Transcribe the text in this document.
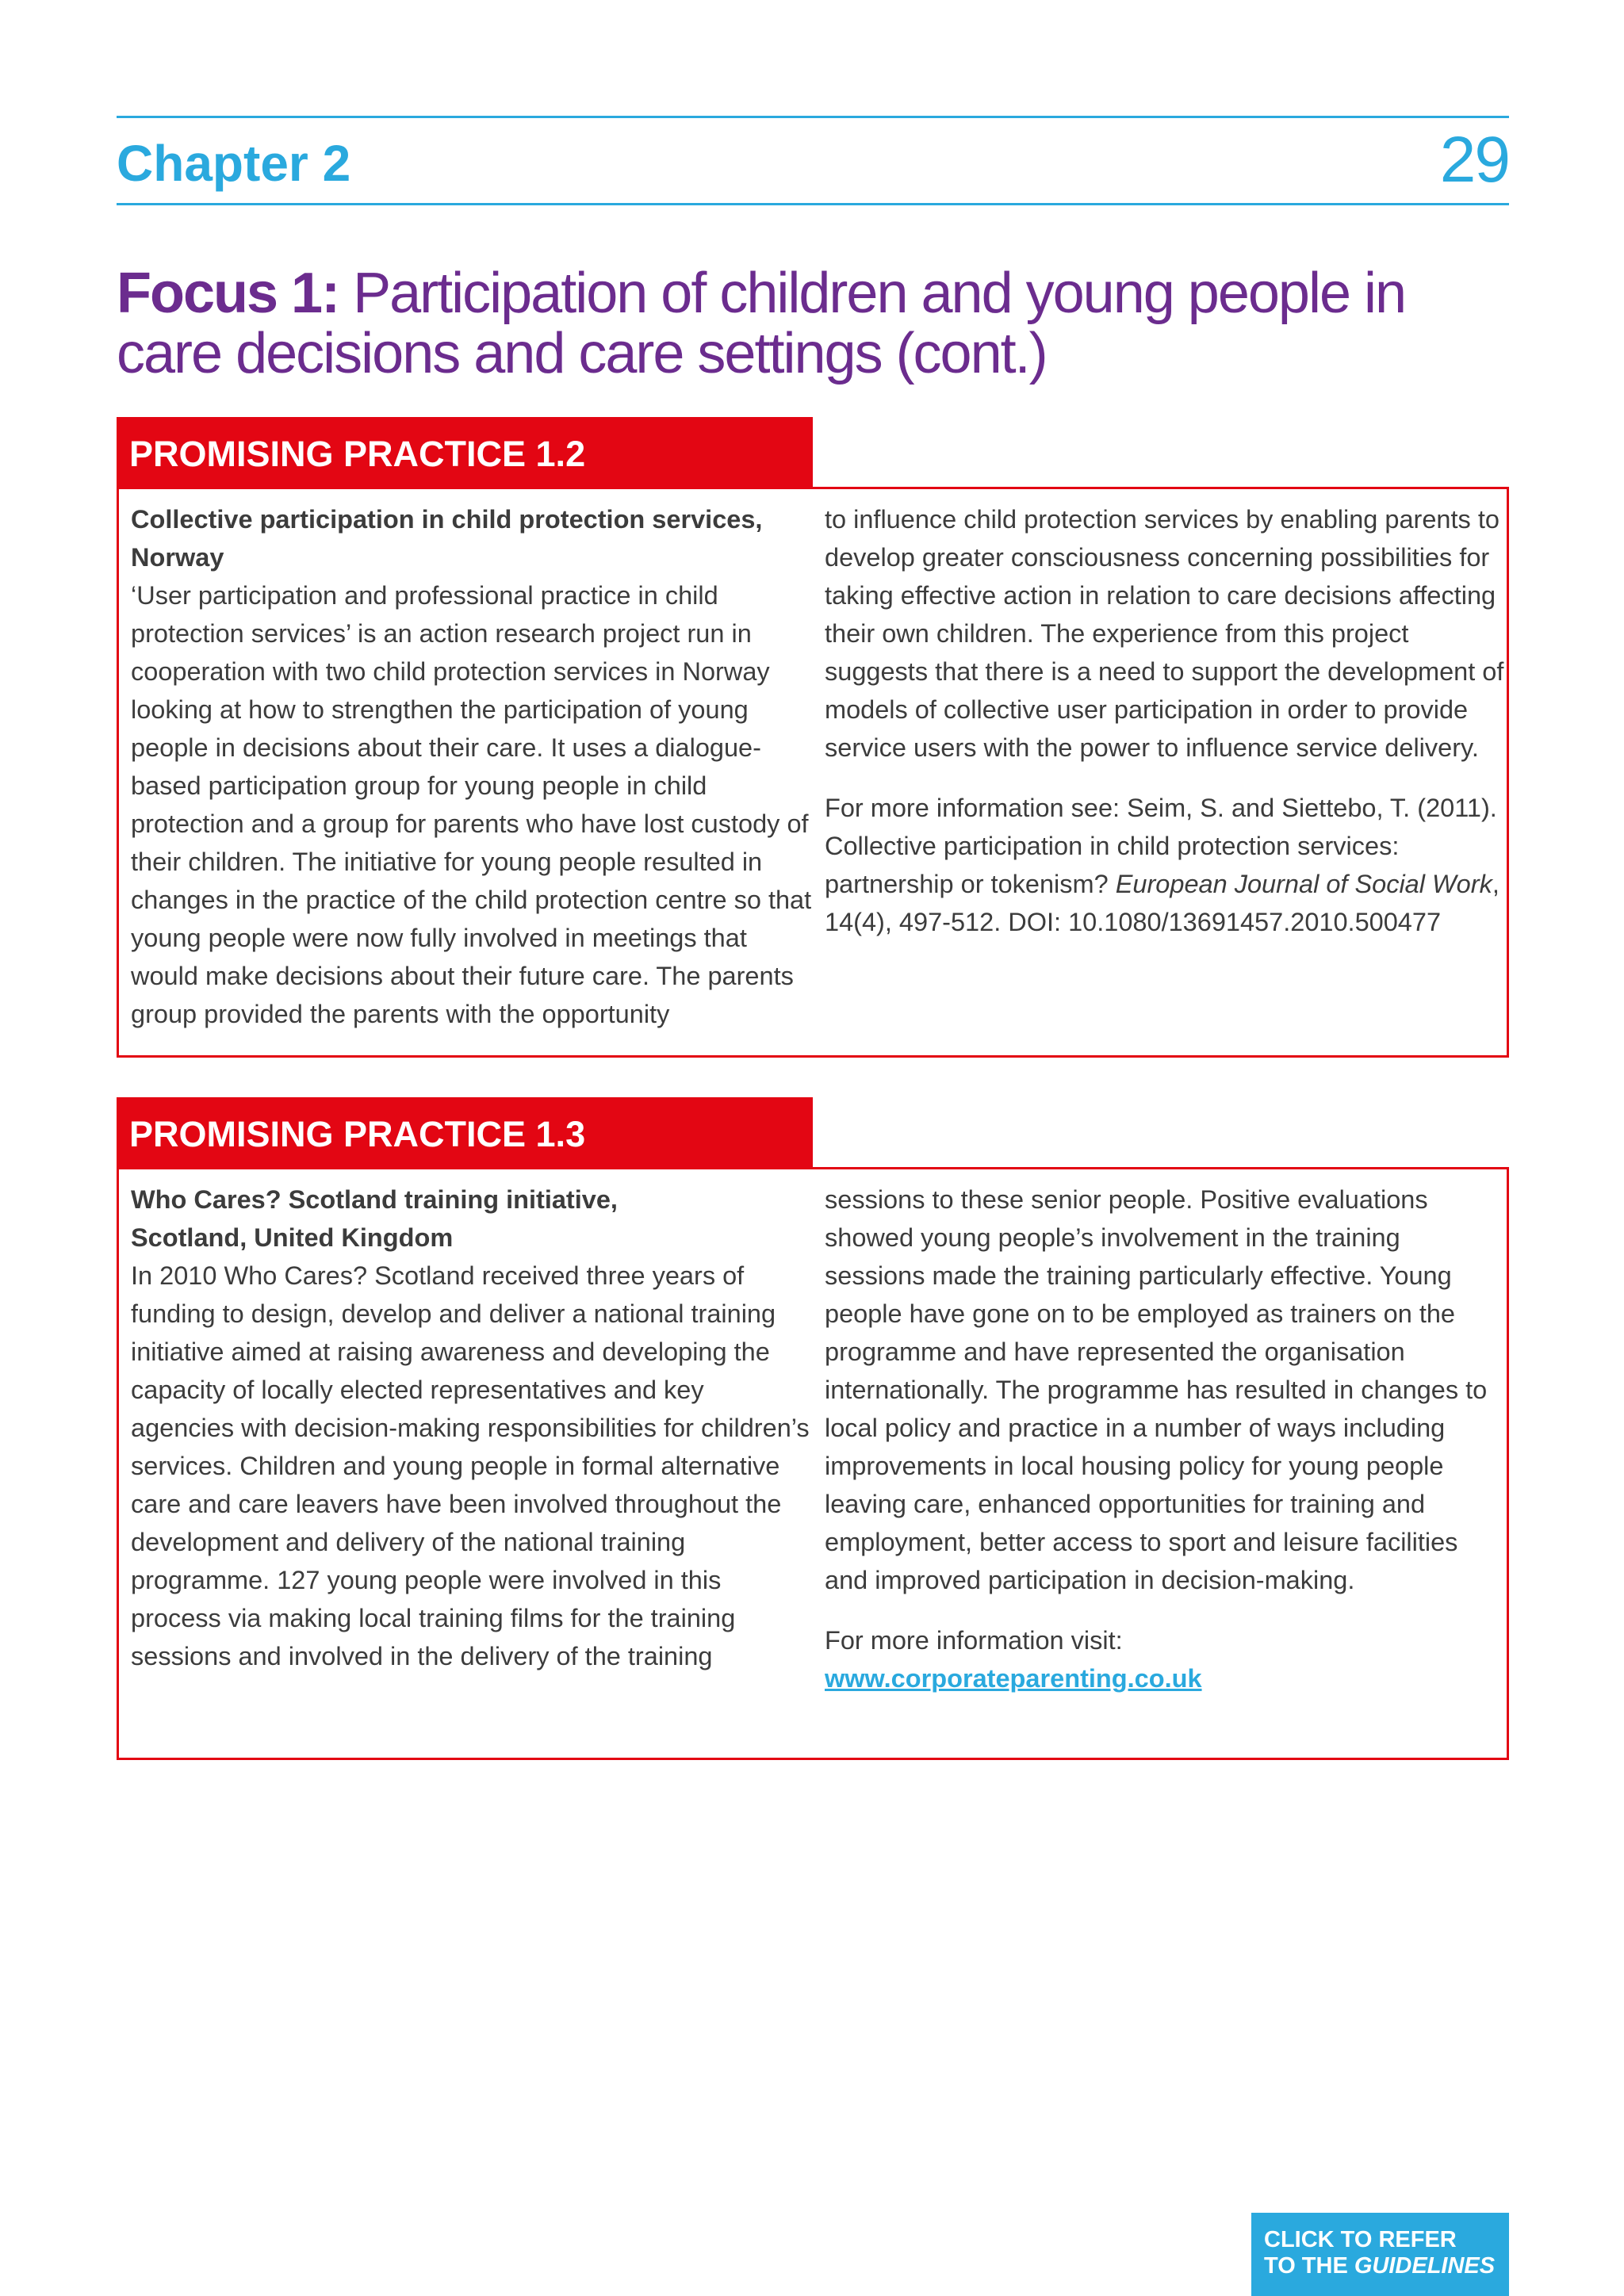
Chapter 2	29
Focus 1: Participation of children and young people in care decisions and care settings (cont.)
PROMISING PRACTICE 1.2

Collective participation in child protection services, Norway

‘User participation and professional practice in child protection services’ is an action research project run in cooperation with two child protection services in Norway looking at how to strengthen the participation of young people in decisions about their care. It uses a dialogue-based participation group for young people in child protection and a group for parents who have lost custody of their children. The initiative for young people resulted in changes in the practice of the child protection centre so that young people were now fully involved in meetings that would make decisions about their future care. The parents group provided the parents with the opportunity

to influence child protection services by enabling parents to develop greater consciousness concerning possibilities for taking effective action in relation to care decisions affecting their own children. The experience from this project suggests that there is a need to support the development of models of collective user participation in order to provide service users with the power to influence service delivery.

For more information see: Seim, S. and Siettebo, T. (2011). Collective participation in child protection services: partnership or tokenism? European Journal of Social Work, 14(4), 497-512. DOI: 10.1080/13691457.2010.500477

PROMISING PRACTICE 1.3

Who Cares? Scotland training initiative,

Scotland, United Kingdom

In 2010 Who Cares? Scotland received three years of funding to design, develop and deliver a national training initiative aimed at raising awareness and developing the capacity of locally elected representatives and key agencies with decision-making responsibilities for children’s services. Children and young people in formal alternative care and care leavers have been involved throughout the development and delivery of the national training programme. 127 young people were involved in this process via making local training films for the training sessions and involved in the delivery of the training

sessions to these senior people. Positive evaluations showed young people’s involvement in the training sessions made the training particularly effective. Young people have gone on to be employed as trainers on the programme and have represented the organisation internationally. The programme has resulted in changes to local policy and practice in a number of ways including improvements in local housing policy for young people leaving care, enhanced opportunities for training and employment, better access to sport and leisure facilities and improved participation in decision-making.

For more information visit:

www.corporateparenting.co.uk

CLICK TO REFER
TO THE GUIDELINES
